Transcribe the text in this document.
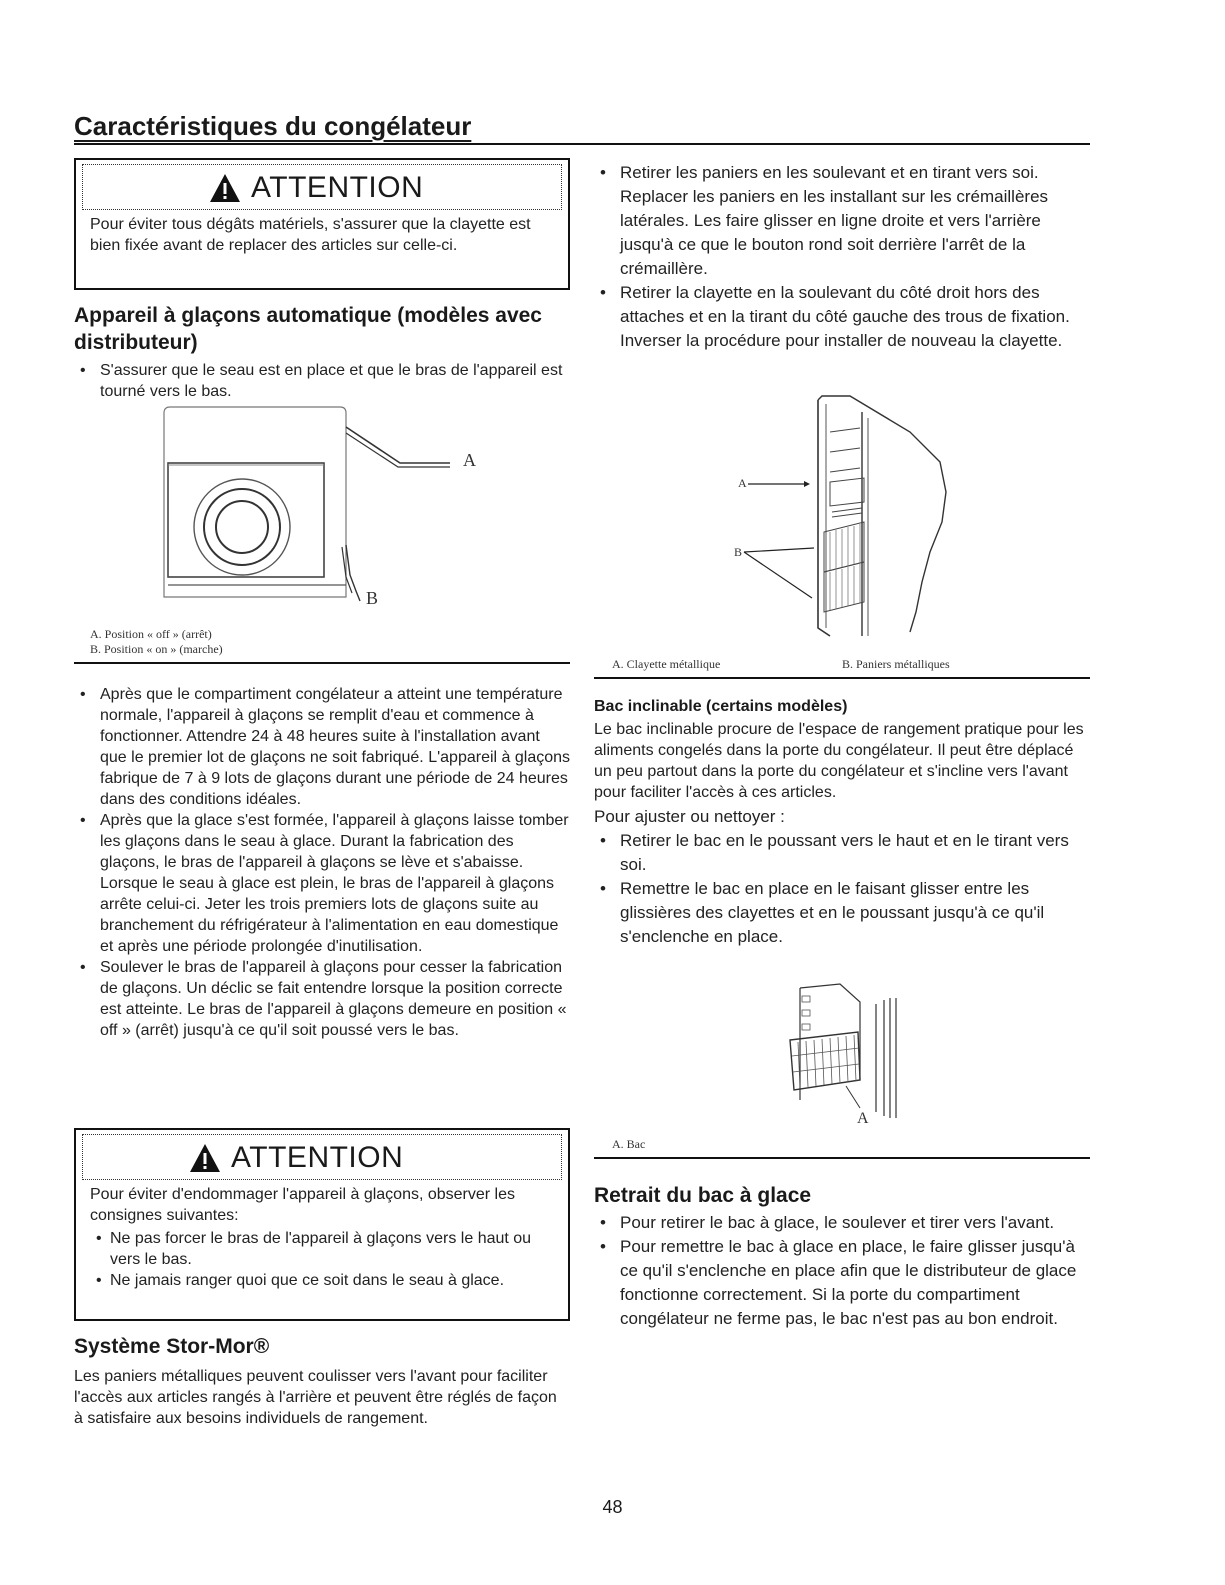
Caractéristiques du congélateur
ATTENTION
Pour éviter tous dégâts matériels, s'assurer que la clayette est bien fixée avant de replacer des articles sur celle-ci.
Appareil à glaçons automatique (modèles avec distributeur)
• S'assurer que le seau est en place et que le bras de l'appareil est tourné vers le bas.
A
B
A. Position « off » (arrêt)
B. Position « on » (marche)
• Après que le compartiment congélateur a atteint une température normale, l'appareil à glaçons se remplit d'eau et commence à fonctionner. Attendre 24 à 48 heures suite à l'installation avant que le premier lot de glaçons ne soit fabriqué. L'appareil à glaçons fabrique de 7 à 9 lots de glaçons durant une période de 24 heures dans des conditions idéales.
• Après que la glace s'est formée, l'appareil à glaçons laisse tomber les glaçons dans le seau à glace. Durant la fabrication des glaçons, le bras de l'appareil à glaçons se lève et s'abaisse. Lorsque le seau à glace est plein, le bras de l'appareil à glaçons arrête celui-ci. Jeter les trois premiers lots de glaçons suite au branchement du réfrigérateur à l'alimentation en eau domestique et après une période prolongée d'inutilisation.
• Soulever le bras de l'appareil à glaçons pour cesser la fabrication de glaçons. Un déclic se fait entendre lorsque la position correcte est atteinte. Le bras de l'appareil à glaçons demeure en position « off » (arrêt) jusqu'à ce qu'il soit poussé vers le bas.
ATTENTION
Pour éviter d'endommager l'appareil à glaçons, observer les consignes suivantes:
• Ne pas forcer le bras de l'appareil à glaçons vers le haut ou vers le bas.
• Ne jamais ranger quoi que ce soit dans le seau à glace.
Système Stor-Mor®

Les paniers métalliques peuvent coulisser vers l'avant pour faciliter l'accès aux articles rangés à l'arrière et peuvent être réglés de façon à satisfaire aux besoins individuels de rangement.

• Retirer les paniers en les soulevant et en tirant vers soi. Replacer les paniers en les installant sur les crémaillères latérales. Les faire glisser en ligne droite et vers l'arrière jusqu'à ce que le bouton rond soit derrière l'arrêt de la crémaillère.
• Retirer la clayette en la soulevant du côté droit hors des attaches et en la tirant du côté gauche des trous de fixation. Inverser la procédure pour installer de nouveau la clayette.
A
B
A. Clayette métallique	B. Paniers métalliques
Bac inclinable (certains modèles)

Le bac inclinable procure de l'espace de rangement pratique pour les aliments congelés dans la porte du congélateur. Il peut être déplacé un peu partout dans la porte du congélateur et s'incline vers l'avant pour faciliter l'accès à ces articles.

Pour ajuster ou nettoyer :

• Retirer le bac en le poussant vers le haut et en le tirant vers soi.
• Remettre le bac en place en le faisant glisser entre les glissières des clayettes et en le poussant jusqu'à ce qu'il s'enclenche en place.
A
A. Bac
Retrait du bac à glace
• Pour retirer le bac à glace, le soulever et tirer vers l'avant.
• Pour remettre le bac à glace en place, le faire glisser jusqu'à ce qu'il s'enclenche en place afin que le distributeur de glace fonctionne correctement. Si la porte du compartiment congélateur ne ferme pas, le bac n'est pas au bon endroit.
48
